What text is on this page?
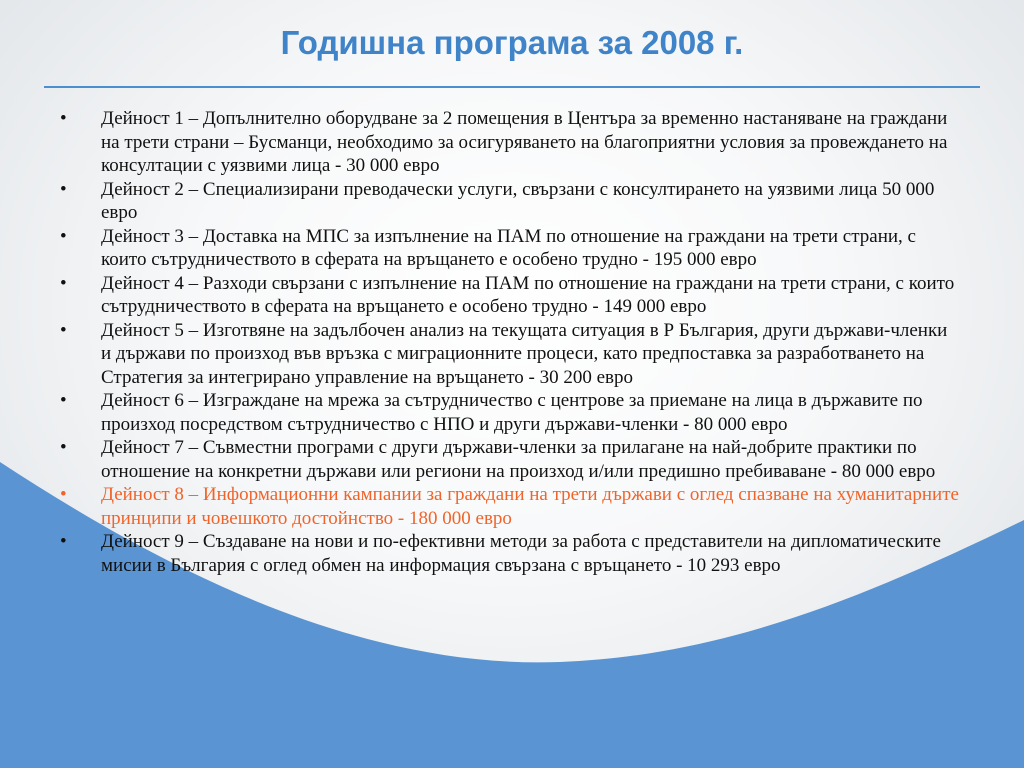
Годишна програма за 2008 г.
• Дейност 1 – Допълнително оборудване за 2 помещения в Центъра за временно настаняване на граждани на трети страни – Бусманци, необходимо за осигуряването на благоприятни условия за провеждането на консултации с уязвими лица - 30 000 евро
• Дейност 2 – Специализирани преводачески услуги, свързани с консултирането на уязвими лица 50 000 евро
• Дейност 3 – Доставка на МПС за изпълнение на ПАМ по отношение на граждани на трети страни, с които сътрудничеството в сферата на връщането е особено трудно - 195 000 евро
• Дейност 4 – Разходи свързани с изпълнение на ПАМ по отношение на граждани на трети страни, с които сътрудничеството в сферата на връщането е особено трудно - 149 000 евро
• Дейност 5 – Изготвяне на задълбочен анализ на текущата ситуация в Р България, други държави-членки и държави по произход във връзка с миграционните процеси, като предпоставка за разработването на Стратегия за интегрирано управление на връщането - 30 200 евро
• Дейност 6 – Изграждане на мрежа за сътрудничество с центрове за приемане на лица в държавите по произход посредством сътрудничество с НПО и други държави-членки - 80 000 евро
• Дейност 7 – Съвместни програми с други държави-членки за прилагане на най-добрите практики по отношение на конкретни държави или региони на произход и/или предишно пребиваване - 80 000 евро
• Дейност 8 – Информационни кампании за граждани на трети държави с оглед спазване на хуманитарните принципи и човешкото достойнство - 180 000 евро
• Дейност 9 – Създаване на нови и по-ефективни методи за работа с представители на дипломатическите мисии в България с оглед обмен на информация свързана с връщането - 10 293 евро
